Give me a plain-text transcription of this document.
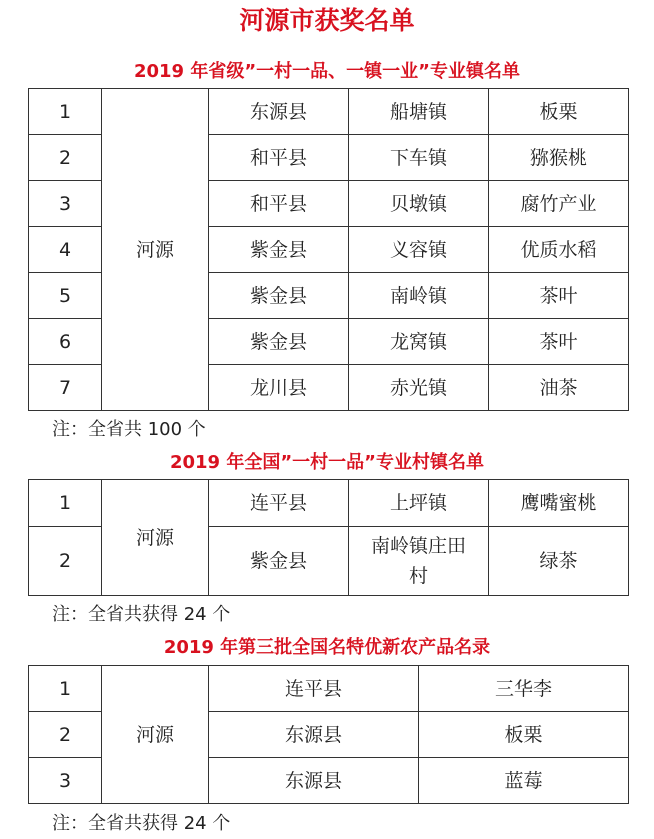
河源市获奖名单
2019 年省级”一村一品、一镇一业”专业镇名单
1	河源	东源县	船塘镇	板栗
2		和平县	下车镇	猕猴桃
3		和平县	贝墩镇	腐竹产业
4		紫金县	义容镇	优质水稻
5		紫金县	南岭镇	茶叶
6		紫金县	龙窝镇	茶叶
7		龙川县	赤光镇	油茶
注：全省共 100 个
2019 年全国”一村一品”专业村镇名单
1	河源	连平县	上坪镇	鹰嘴蜜桃
2		紫金县	南岭镇庄田村	绿茶
注：全省共获得 24 个
2019 年第三批全国名特优新农产品名录
1	河源	连平县	三华李
2		东源县	板栗
3		东源县	蓝莓
注：全省共获得 24 个
